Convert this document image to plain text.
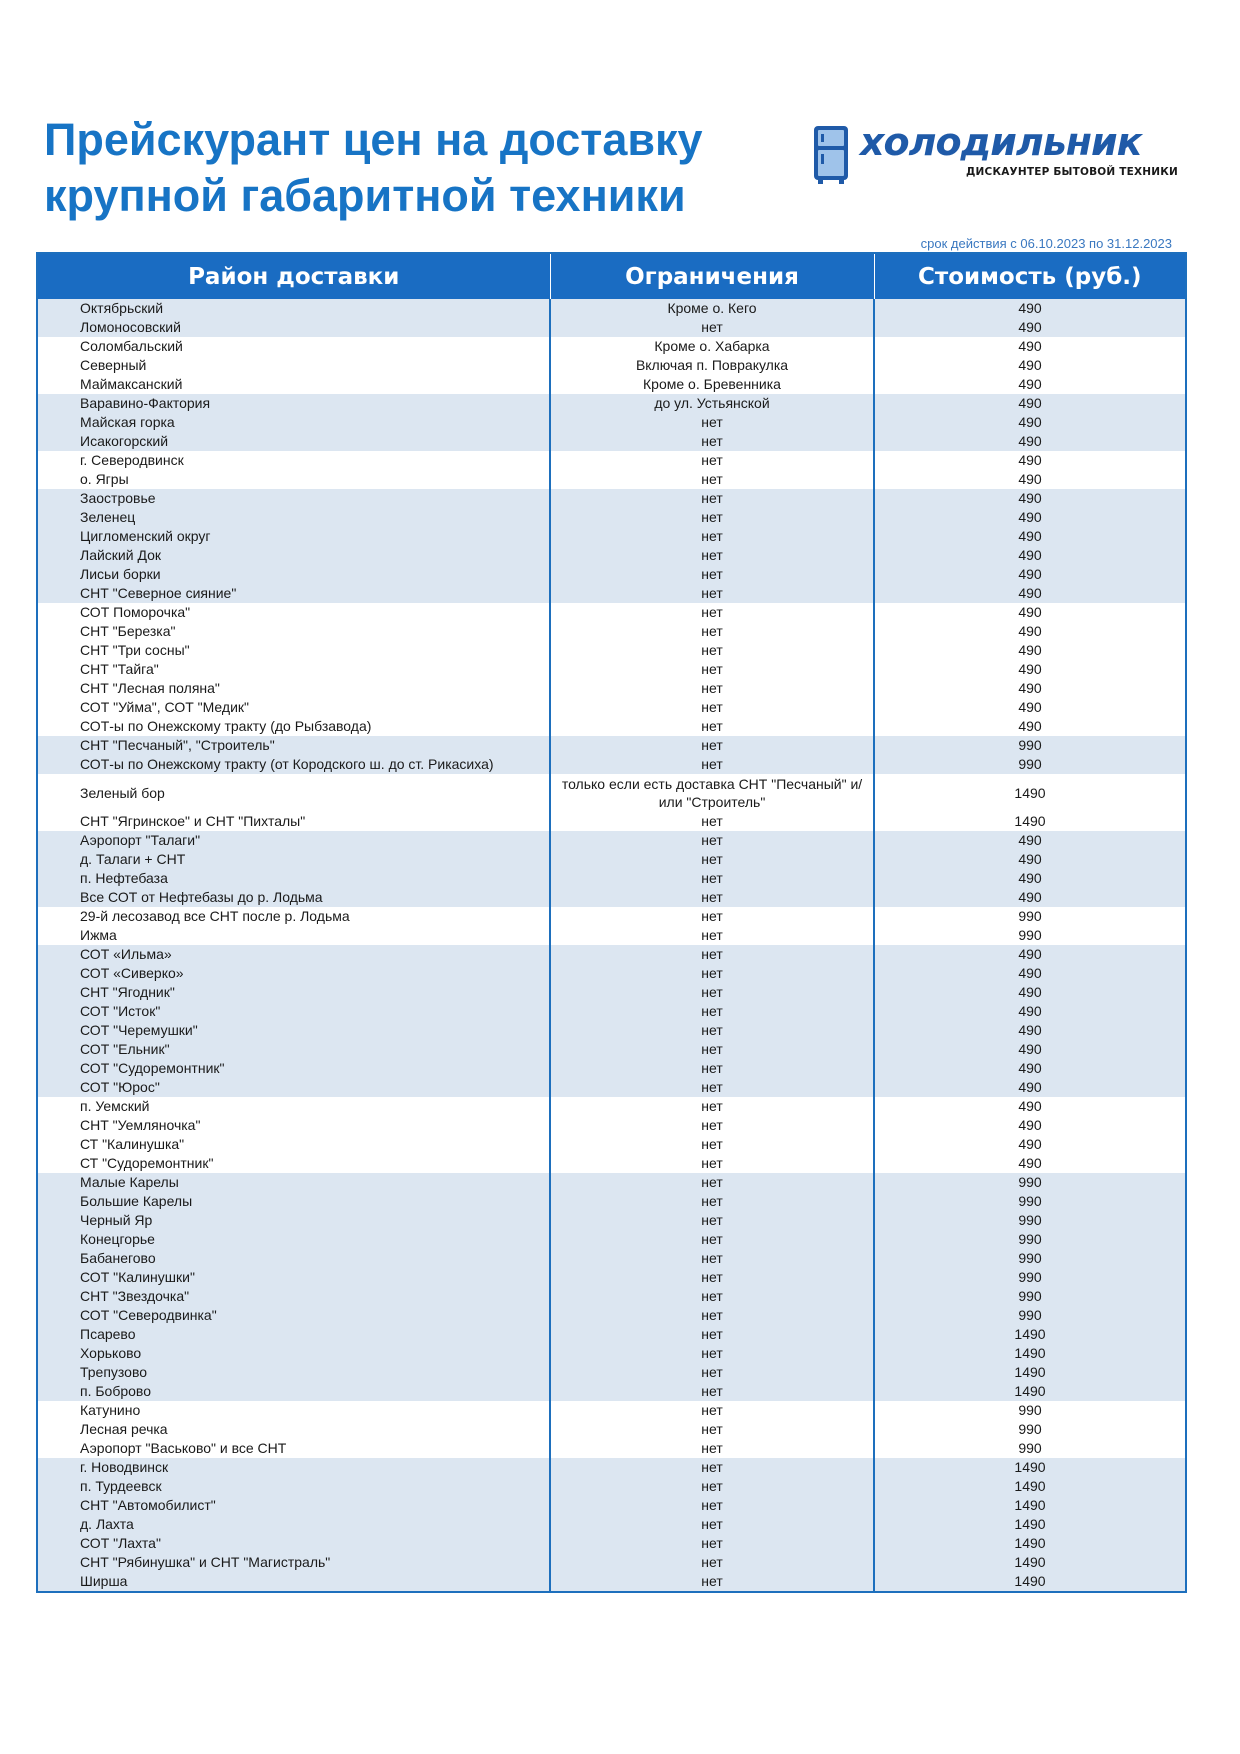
Прейскурант цен на доставку
крупной габаритной техники
холодильник
ДИСКАУНТЕР БЫТОВОЙ ТЕХНИКИ
срок действия с 06.10.2023 по 31.12.2023
Район доставки	Ограничения	Стоимость (руб.)
Октябрьский	Кроме о. Кего	490
Ломоносовский	нет	490
Соломбальский	Кроме о. Хабарка	490
Северный	Включая п. Повракулка	490
Маймаксанский	Кроме о. Бревенника	490
Варавино-Фактория	до ул. Устьянской	490
Майская горка	нет	490
Исакогорский	нет	490
г. Северодвинск	нет	490
о. Ягры	нет	490
Заостровье	нет	490
Зеленец	нет	490
Цигломенский округ	нет	490
Лайский Док	нет	490
Лисьи борки	нет	490
СНТ "Северное сияние"	нет	490
СОТ Поморочка"	нет	490
СНТ "Березка"	нет	490
СНТ "Три сосны"	нет	490
СНТ "Тайга"	нет	490
СНТ "Лесная поляна"	нет	490
СОТ "Уйма", СОТ "Медик"	нет	490
СОТ-ы по Онежскому тракту (до Рыбзавода)	нет	490
СНТ "Песчаный", "Строитель"	нет	990
СОТ-ы по Онежскому тракту (от Кородского ш. до ст. Рикасиха)	нет	990
Зеленый бор	только если есть доставка СНТ "Песчаный" и/или "Строитель"	1490
СНТ "Ягринское" и СНТ "Пихталы"	нет	1490
Аэропорт "Талаги"	нет	490
д. Талаги + СНТ	нет	490
п. Нефтебаза	нет	490
Все СОТ от Нефтебазы до р. Лодьма	нет	490
29-й лесозавод все СНТ после р. Лодьма	нет	990
Ижма	нет	990
СОТ «Ильма»	нет	490
СОТ «Сиверко»	нет	490
СНТ "Ягодник"	нет	490
СОТ "Исток"	нет	490
СОТ "Черемушки"	нет	490
СОТ "Ельник"	нет	490
СОТ "Судоремонтник"	нет	490
СОТ "Юрос"	нет	490
п. Уемский	нет	490
СНТ "Уемляночка"	нет	490
СТ "Калинушка"	нет	490
СТ "Судоремонтник"	нет	490
Малые Карелы	нет	990
Большие Карелы	нет	990
Черный Яр	нет	990
Конецгорье	нет	990
Бабанегово	нет	990
СОТ "Калинушки"	нет	990
СНТ "Звездочка"	нет	990
СОТ "Северодвинка"	нет	990
Псарево	нет	1490
Хорьково	нет	1490
Трепузово	нет	1490
п. Боброво	нет	1490
Катунино	нет	990
Лесная речка	нет	990
Аэропорт "Васьково" и все СНТ	нет	990
г. Новодвинск	нет	1490
п. Турдеевск	нет	1490
СНТ "Автомобилист"	нет	1490
д. Лахта	нет	1490
СОТ "Лахта"	нет	1490
СНТ "Рябинушка" и СНТ "Магистраль"	нет	1490
Ширша	нет	1490
